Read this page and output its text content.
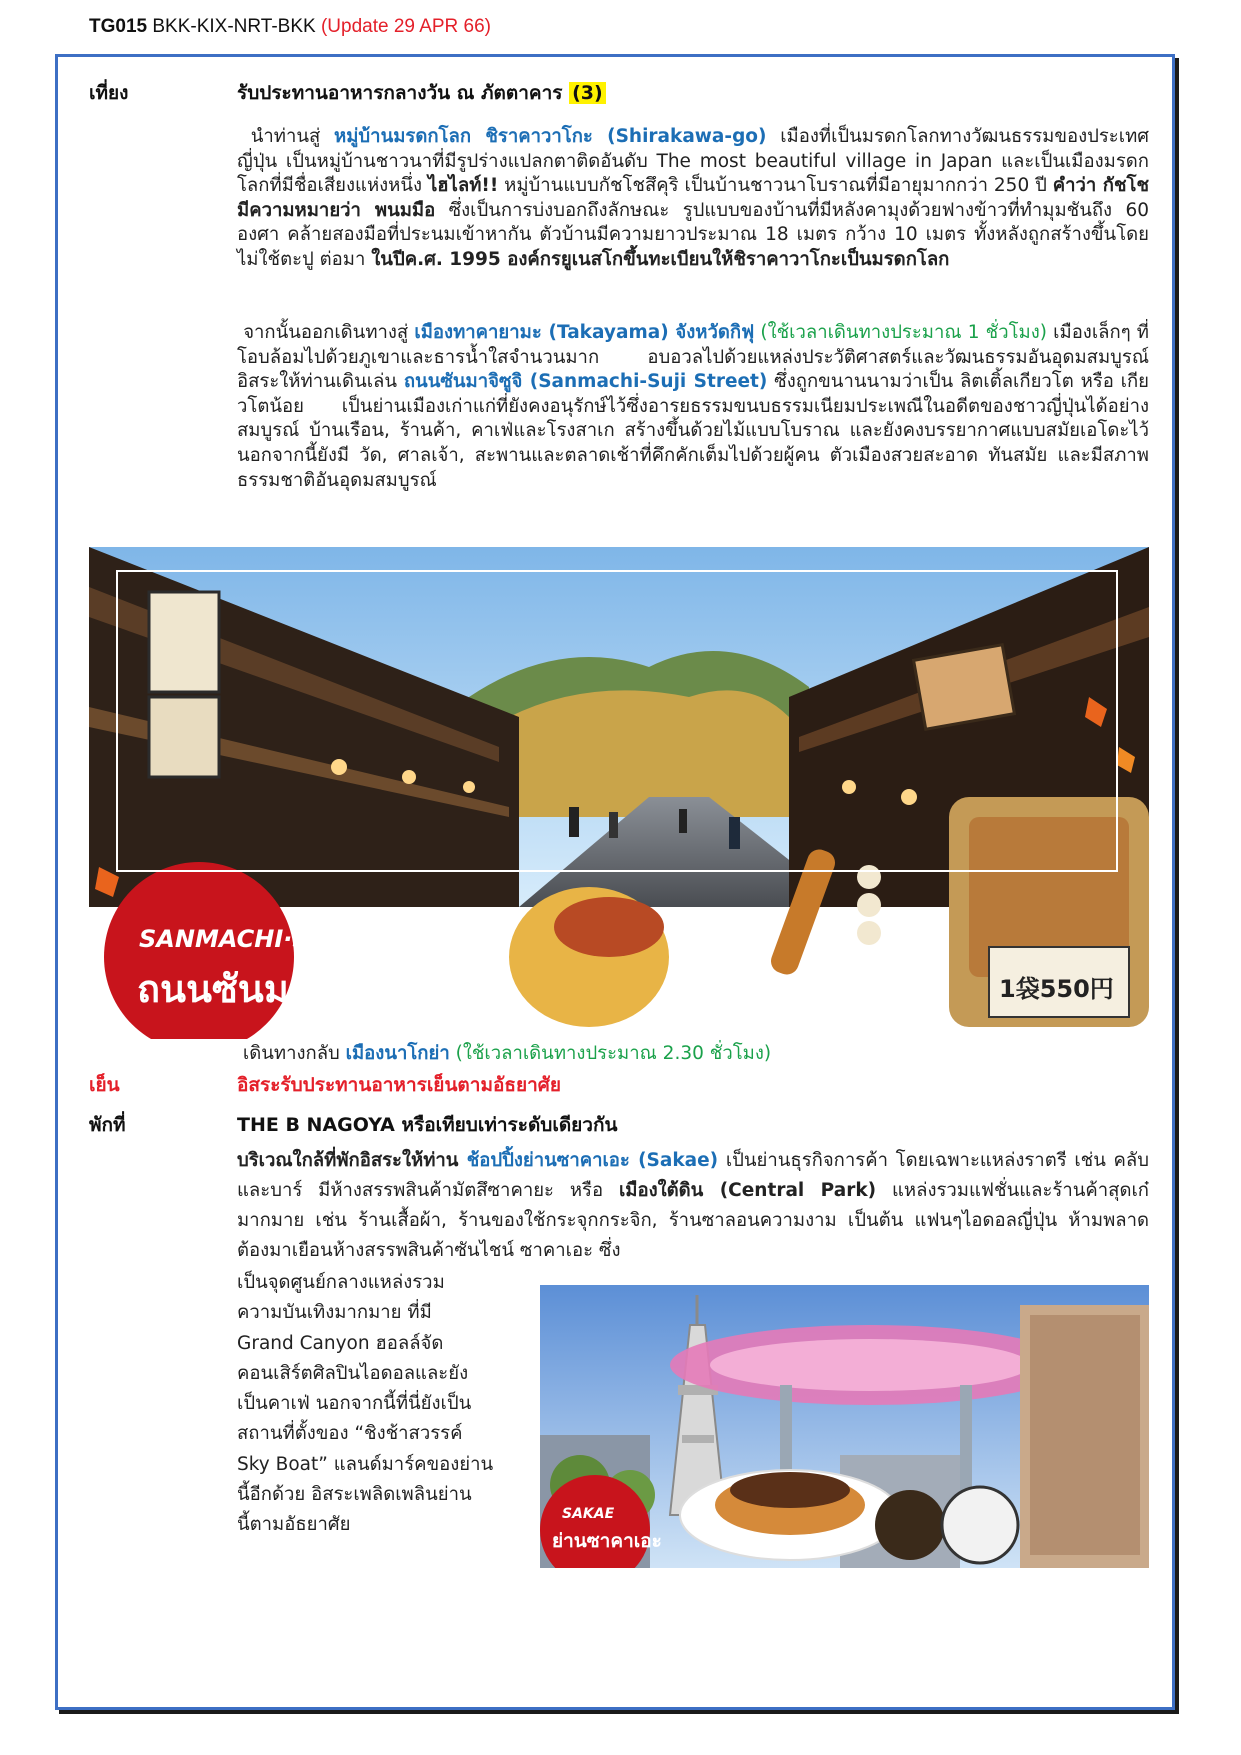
TG015 BKK-KIX-NRT-BKK (Update 29 APR 66)
เที่ยง	รับประทานอาหารกลางวัน ณ ภัตตาคาร (3)

นำท่านสู่ หมู่บ้านมรดกโลก ชิราคาวาโกะ (Shirakawa-go) เมืองที่เป็นมรดกโลกทางวัฒนธรรมของประเทศญี่ปุ่น เป็นหมู่บ้านชาวนาที่มีรูปร่างแปลกตาติดอันดับ The most beautiful village in Japan และเป็นเมืองมรดกโลกที่มีชื่อเสียงแห่งหนึ่ง ไฮไลท์!! หมู่บ้านแบบกัชโชสึคุริ เป็นบ้านชาวนาโบราณที่มีอายุมากกว่า 250 ปี คำว่า กัชโช มีความหมายว่า พนมมือ ซึ่งเป็นการบ่งบอกถึงลักษณะ รูปแบบของบ้านที่มีหลังคามุงด้วยฟางข้าวที่ทำมุมชันถึง 60 องศา คล้ายสองมือที่ประนมเข้าหากัน ตัวบ้านมีความยาวประมาณ 18 เมตร กว้าง 10 เมตร ทั้งหลังถูกสร้างขึ้นโดยไม่ใช้ตะปู ต่อมา ในปีค.ศ. 1995 องค์กรยูเนสโกขึ้นทะเบียนให้ชิราคาวาโกะเป็นมรดกโลก

จากนั้นออกเดินทางสู่ เมืองทาคายามะ (Takayama) จังหวัดกิฟุ (ใช้เวลาเดินทางประมาณ 1 ชั่วโมง) เมืองเล็กๆ ที่โอบล้อมไปด้วยภูเขาและธารน้ำใสจำนวนมาก อบอวลไปด้วยแหล่งประวัติศาสตร์และวัฒนธรรมอันอุดมสมบูรณ์ อิสระให้ท่านเดินเล่น ถนนซันมาจิซูจิ (Sanmachi-Suji Street) ซึ่งถูกขนานนามว่าเป็น ลิตเติ้ลเกียวโต หรือ เกียวโตน้อย เป็นย่านเมืองเก่าแก่ที่ยังคงอนุรักษ์ไว้ซึ่งอารยธรรมขนบธรรมเนียมประเพณีในอดีตของชาวญี่ปุ่นได้อย่างสมบูรณ์ บ้านเรือน, ร้านค้า, คาเฟ่และโรงสาเก สร้างขึ้นด้วยไม้แบบโบราณ และยังคงบรรยากาศแบบสมัยเอโดะไว้ นอกจากนี้ยังมี วัด, ศาลเจ้า, สะพานและตลาดเช้าที่คึกคักเต็มไปด้วยผู้คน ตัวเมืองสวยสะอาด ทันสมัย และมีสภาพธรรมชาติอันอุดมสมบูรณ์

SANMACHI·SUJI STREET
ถนนซันมาจิซูจิ	1袋550円

เดินทางกลับ เมืองนาโกย่า (ใช้เวลาเดินทางประมาณ 2.30 ชั่วโมง)

เย็น	อิสระรับประทานอาหารเย็นตามอัธยาศัย
พักที่	THE B NAGOYA หรือเทียบเท่าระดับเดียวกัน

บริเวณใกล้ที่พักอิสระให้ท่าน ช้อปปิ้งย่านซาคาเอะ (Sakae) เป็นย่านธุรกิจการค้า โดยเฉพาะแหล่งราตรี เช่น คลับและบาร์ มีห้างสรรพสินค้ามัตสึซาคายะ หรือ เมืองใต้ดิน (Central Park) แหล่งรวมแฟชั่นและร้านค้าสุดเก๋มากมาย เช่น ร้านเสื้อผ้า, ร้านของใช้กระจุกกระจิก, ร้านซาลอนความงาม เป็นต้น แฟนๆไอดอลญี่ปุ่น ห้ามพลาด ต้องมาเยือนห้างสรรพสินค้าซันไชน์ ซาคาเอะ ซึ่ง

เป็นจุดศูนย์กลางแหล่งรวม
ความบันเทิงมากมาย ที่มี
Grand Canyon ฮอลล์จัด
คอนเสิร์ตศิลปินไอดอลและยัง
เป็นคาเฟ่ นอกจากนี้ที่นี่ยังเป็น
สถานที่ตั้งของ “ชิงช้าสวรรค์
Sky Boat” แลนด์มาร์คของย่าน
นี้อีกด้วย อิสระเพลิดเพลินย่าน
นี้ตามอัธยาศัย
SAKAE
ย่านซาคาเอะ
